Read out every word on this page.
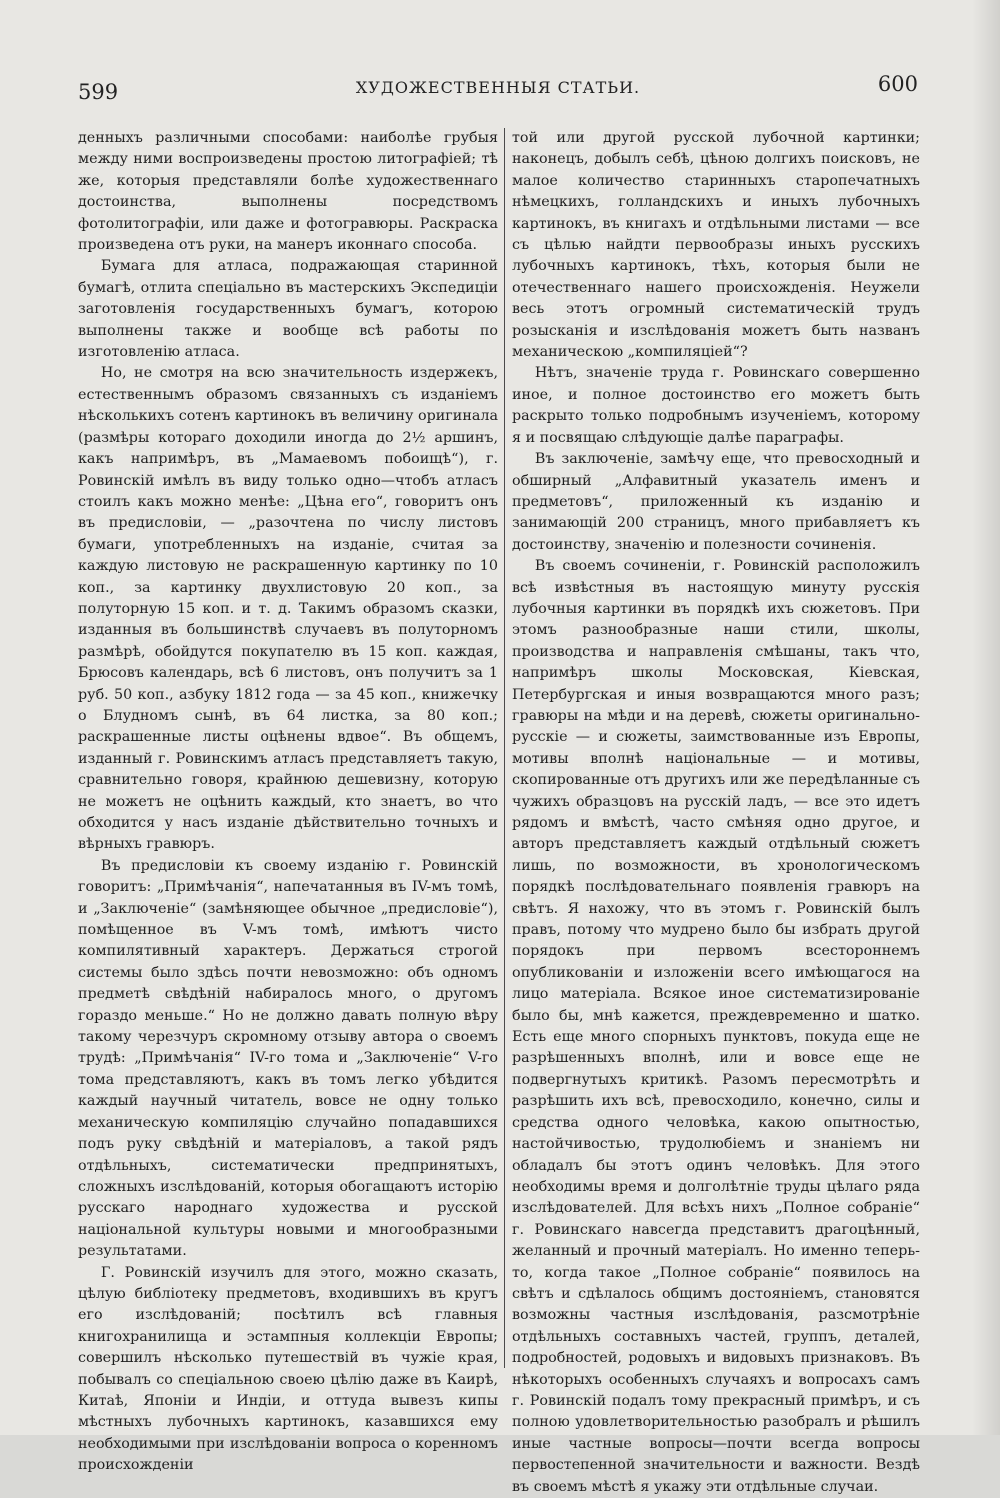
599	ХУДОЖЕСТВЕННЫЯ СТАТЬИ.	600

денныхъ различными способами: наиболѣе грубыя между ними воспроизведены простою литографіей; тѣ же, которыя представляли болѣе художественнаго достоинства, выполнены посредствомъ фотолитографіи, или даже и фотогравюры. Раскраска произведена отъ руки, на манеръ иконнаго способа.

Бумага для атласа, подражающая старинной бумагѣ, отлита спеціально въ мастерскихъ Экспедиціи заготовленія государственныхъ бумагъ, которою выполнены также и вообще всѣ работы по изготовленію атласа.

Но, не смотря на всю значительность издержекъ, естественнымъ образомъ связанныхъ съ изданіемъ нѣсколькихъ сотенъ картинокъ въ величину оригинала (размѣры котораго доходили иногда до 2½ аршинъ, какъ напримѣръ, въ „Мамаевомъ побоищѣ“), г. Ровинскій имѣлъ въ виду только одно—чтобъ атласъ стоилъ какъ можно менѣе: „Цѣна его“, говоритъ онъ въ предисловіи, — „разочтена по числу листовъ бумаги, употребленныхъ на изданіе, считая за каждую листовую не раскрашенную картинку по 10 коп., за картинку двухлистовую 20 коп., за полуторную 15 коп. и т. д. Такимъ образомъ сказки, изданныя въ большинствѣ случаевъ въ полуторномъ размѣрѣ, обойдутся покупателю въ 15 коп. каждая, Брюсовъ календарь, всѣ 6 листовъ, онъ получитъ за 1 руб. 50 коп., азбуку 1812 года — за 45 коп., книжечку о Блудномъ сынѣ, въ 64 листка, за 80 коп.; раскрашенные листы оцѣнены вдвое“. Въ общемъ, изданный г. Ровинскимъ атласъ представляетъ такую, сравнительно говоря, крайнюю дешевизну, которую не можетъ не оцѣнить каждый, кто знаетъ, во что обходится у насъ изданіе дѣйствительно точныхъ и вѣрныхъ гравюръ.

Въ предисловіи къ своему изданію г. Ровинскій говоритъ: „Примѣчанія“, напечатанныя въ IV-мъ томѣ, и „Заключеніе“ (замѣняющее обычное „предисловіе“), помѣщенное въ V-мъ томѣ, имѣютъ чисто компилятивный характеръ. Держаться строгой системы было здѣсь почти невозможно: объ одномъ предметѣ свѣдѣній набиралось много, о другомъ гораздо меньше.“ Но не должно давать полную вѣру такому черезчуръ скромному отзыву автора о своемъ трудѣ: „Примѣчанія“ IV-го тома и „Заключеніе“ V-го тома представляютъ, какъ въ томъ легко убѣдится каждый научный читатель, вовсе не одну только механическую компиляцію случайно попадавшихся подъ руку свѣдѣній и матеріаловъ, а такой рядъ отдѣльныхъ, систематически предпринятыхъ, сложныхъ изслѣдованій, которыя обогащаютъ исторію русскаго народнаго художества и русской національной культуры новыми и многообразными результатами.

Г. Ровинскій изучилъ для этого, можно сказать, цѣлую библіотеку предметовъ, входившихъ въ кругъ его изслѣдованій; посѣтилъ всѣ главныя книгохранилища и эстампныя коллекціи Европы; совершилъ нѣсколько путешествій въ чужіе края, побывалъ со спеціальною своею цѣлію даже въ Каирѣ, Китаѣ, Японіи и Индіи, и оттуда вывезъ кипы мѣстныхъ лубочныхъ картинокъ, казавшихся ему необходимыми при изслѣдованіи вопроса о коренномъ происхожденіи

той или другой русской лубочной картинки; наконецъ, добылъ себѣ, цѣною долгихъ поисковъ, не малое количество старинныхъ старопечатныхъ нѣмецкихъ, голландскихъ и иныхъ лубочныхъ картинокъ, въ книгахъ и отдѣльными листами — все съ цѣлью найдти первообразы иныхъ русскихъ лубочныхъ картинокъ, тѣхъ, которыя были не отечественнаго нашего происхожденія. Неужели весь этотъ огромный систематическій трудъ розысканія и изслѣдованія можетъ быть названъ механическою „компиляціей“?

Нѣтъ, значеніе труда г. Ровинскаго совершенно иное, и полное достоинство его можетъ быть раскрыто только подробнымъ изученіемъ, которому я и посвящаю слѣдующіе далѣе параграфы.

Въ заключеніе, замѣчу еще, что превосходный и обширный „Алфавитный указатель именъ и предметовъ“, приложенный къ изданію и занимающій 200 страницъ, много прибавляетъ къ достоинству, значенію и полезности сочиненія.

Въ своемъ сочиненіи, г. Ровинскій расположилъ всѣ извѣстныя въ настоящую минуту русскія лубочныя картинки въ порядкѣ ихъ сюжетовъ. При этомъ разнообразные наши стили, школы, производства и направленія смѣшаны, такъ что, напримѣръ школы Московская, Кіевская, Петербургская и иныя возвращаются много разъ; гравюры на мѣди и на деревѣ, сюжеты оригинально-русскіе — и сюжеты, заимствованные изъ Европы, мотивы вполнѣ національные — и мотивы, скопированные отъ другихъ или же передѣланные съ чужихъ образцовъ на русскій ладъ, — все это идетъ рядомъ и вмѣстѣ, часто смѣняя одно другое, и авторъ представляетъ каждый отдѣльный сюжетъ лишь, по возможности, въ хронологическомъ порядкѣ послѣдовательнаго появленія гравюръ на свѣтъ. Я нахожу, что въ этомъ г. Ровинскій былъ правъ, потому что мудрено было бы избрать другой порядокъ при первомъ всестороннемъ опубликованіи и изложеніи всего имѣющагося на лицо матеріала. Всякое иное систематизированіе было бы, мнѣ кажется, преждевременно и шатко. Есть еще много спорныхъ пунктовъ, покуда еще не разрѣшенныхъ вполнѣ, или и вовсе еще не подвергнутыхъ критикѣ. Разомъ пересмотрѣть и разрѣшить ихъ всѣ, превосходило, конечно, силы и средства одного человѣка, какою опытностью, настойчивостью, трудолюбіемъ и знаніемъ ни обладалъ бы этотъ одинъ человѣкъ. Для этого необходимы время и долголѣтніе труды цѣлаго ряда изслѣдователей. Для всѣхъ нихъ „Полное собраніе“ г. Ровинскаго навсегда представитъ драгоцѣнный, желанный и прочный матеріалъ. Но именно теперь-то, когда такое „Полное собраніе“ появилось на свѣтъ и сдѣлалось общимъ достояніемъ, становятся возможны частныя изслѣдованія, разсмотрѣніе отдѣльныхъ составныхъ частей, группъ, деталей, подробностей, родовыхъ и видовыхъ признаковъ. Въ нѣкоторыхъ особенныхъ случаяхъ и вопросахъ самъ г. Ровинскій подалъ тому прекрасный примѣръ, и съ полною удовлетворительностью разобралъ и рѣшилъ иные частные вопросы—почти всегда вопросы первостепенной значительности и важности. Вездѣ въ своемъ мѣстѣ я укажу эти отдѣльные случаи.
